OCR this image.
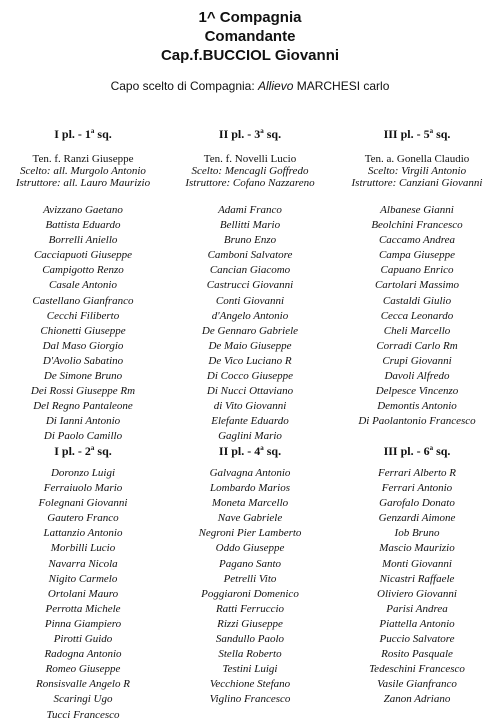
1^ Compagnia
Comandante
Cap.f.BUCCIOL Giovanni
Capo scelto di Compagnia: Allievo MARCHESI carlo
I pl. - 1$^a$ sq.
Ten. f. Ranzi Giuseppe
Scelto: all. Murgolo Antonio
Istruttore: all. Lauro Maurizio
Avizzano Gaetano
Battista Eduardo
Borrelli Aniello
Cacciapuoti Giuseppe
Campigotto Renzo
Casale Antonio
Castellano Gianfranco
Cecchi Filiberto
Chionetti Giuseppe
Dal Maso Giorgio
D'Avolio Sabatino
De Simone Bruno
Dei Rossi Giuseppe Rm
Del Regno Pantaleone
Di Ianni Antonio
Di Paolo Camillo
II pl. - 3$^a$ sq.
Ten. f. Novelli Lucio
Scelto: Mencagli Goffredo
Istruttore: Cofano Nazzareno
Adami Franco
Bellitti Mario
Bruno Enzo
Camboni Salvatore
Cancian Giacomo
Castrucci Giovanni
Conti Giovanni
d'Angelo Antonio
De Gennaro Gabriele
De Maio Giuseppe
De Vico Luciano R
Di Cocco Giuseppe
Di Nucci Ottaviano
di Vito Giovanni
Elefante Eduardo
Gaglini Mario
III pl. - 5$^a$ sq.
Ten. a. Gonella Claudio
Scelto: Virgili Antonio
Istruttore: Canziani Giovanni
Albanese Gianni
Beolchini Francesco
Caccamo Andrea
Campa Giuseppe
Capuano Enrico
Cartolari Massimo
Castaldi Giulio
Cecca Leonardo
Cheli Marcello
Corradi Carlo Rm
Crupi Giovanni
Davoli Alfredo
Delpesce Vincenzo
Demontis Antonio
Di Paolantonio Francesco
I pl. - 2$^a$ sq.
Doronzo Luigi
Ferraiuolo Mario
Folegnani Giovanni
Gautero Franco
Lattanzio Antonio
Morbilli Lucio
Navarra Nicola
Nigito Carmelo
Ortolani Mauro
Perrotta Michele
Pinna Giampiero
Pirotti Guido
Radogna Antonio
Romeo Giuseppe
Ronsisvalle Angelo R
Scaringi Ugo
Tucci Francesco
II pl. - 4$^a$ sq.
Galvagna Antonio
Lombardo Marios
Moneta Marcello
Nave Gabriele
Negroni Pier Lamberto
Oddo Giuseppe
Pagano Santo
Petrelli Vito
Poggiaroni Domenico
Ratti Ferruccio
Rizzi Giuseppe
Sandullo Paolo
Stella Roberto
Testini Luigi
Vecchione Stefano
Viglino Francesco
III pl. - 6$^a$ sq.
Ferrari Alberto R
Ferrari Antonio
Garofalo Donato
Genzardi Aimone
Iob Bruno
Mascio Maurizio
Monti Giovanni
Nicastri Raffaele
Oliviero Giovanni
Parisi Andrea
Piattella Antonio
Puccio Salvatore
Rosito Pasquale
Tedeschini Francesco
Vasile Gianfranco
Zanon Adriano
